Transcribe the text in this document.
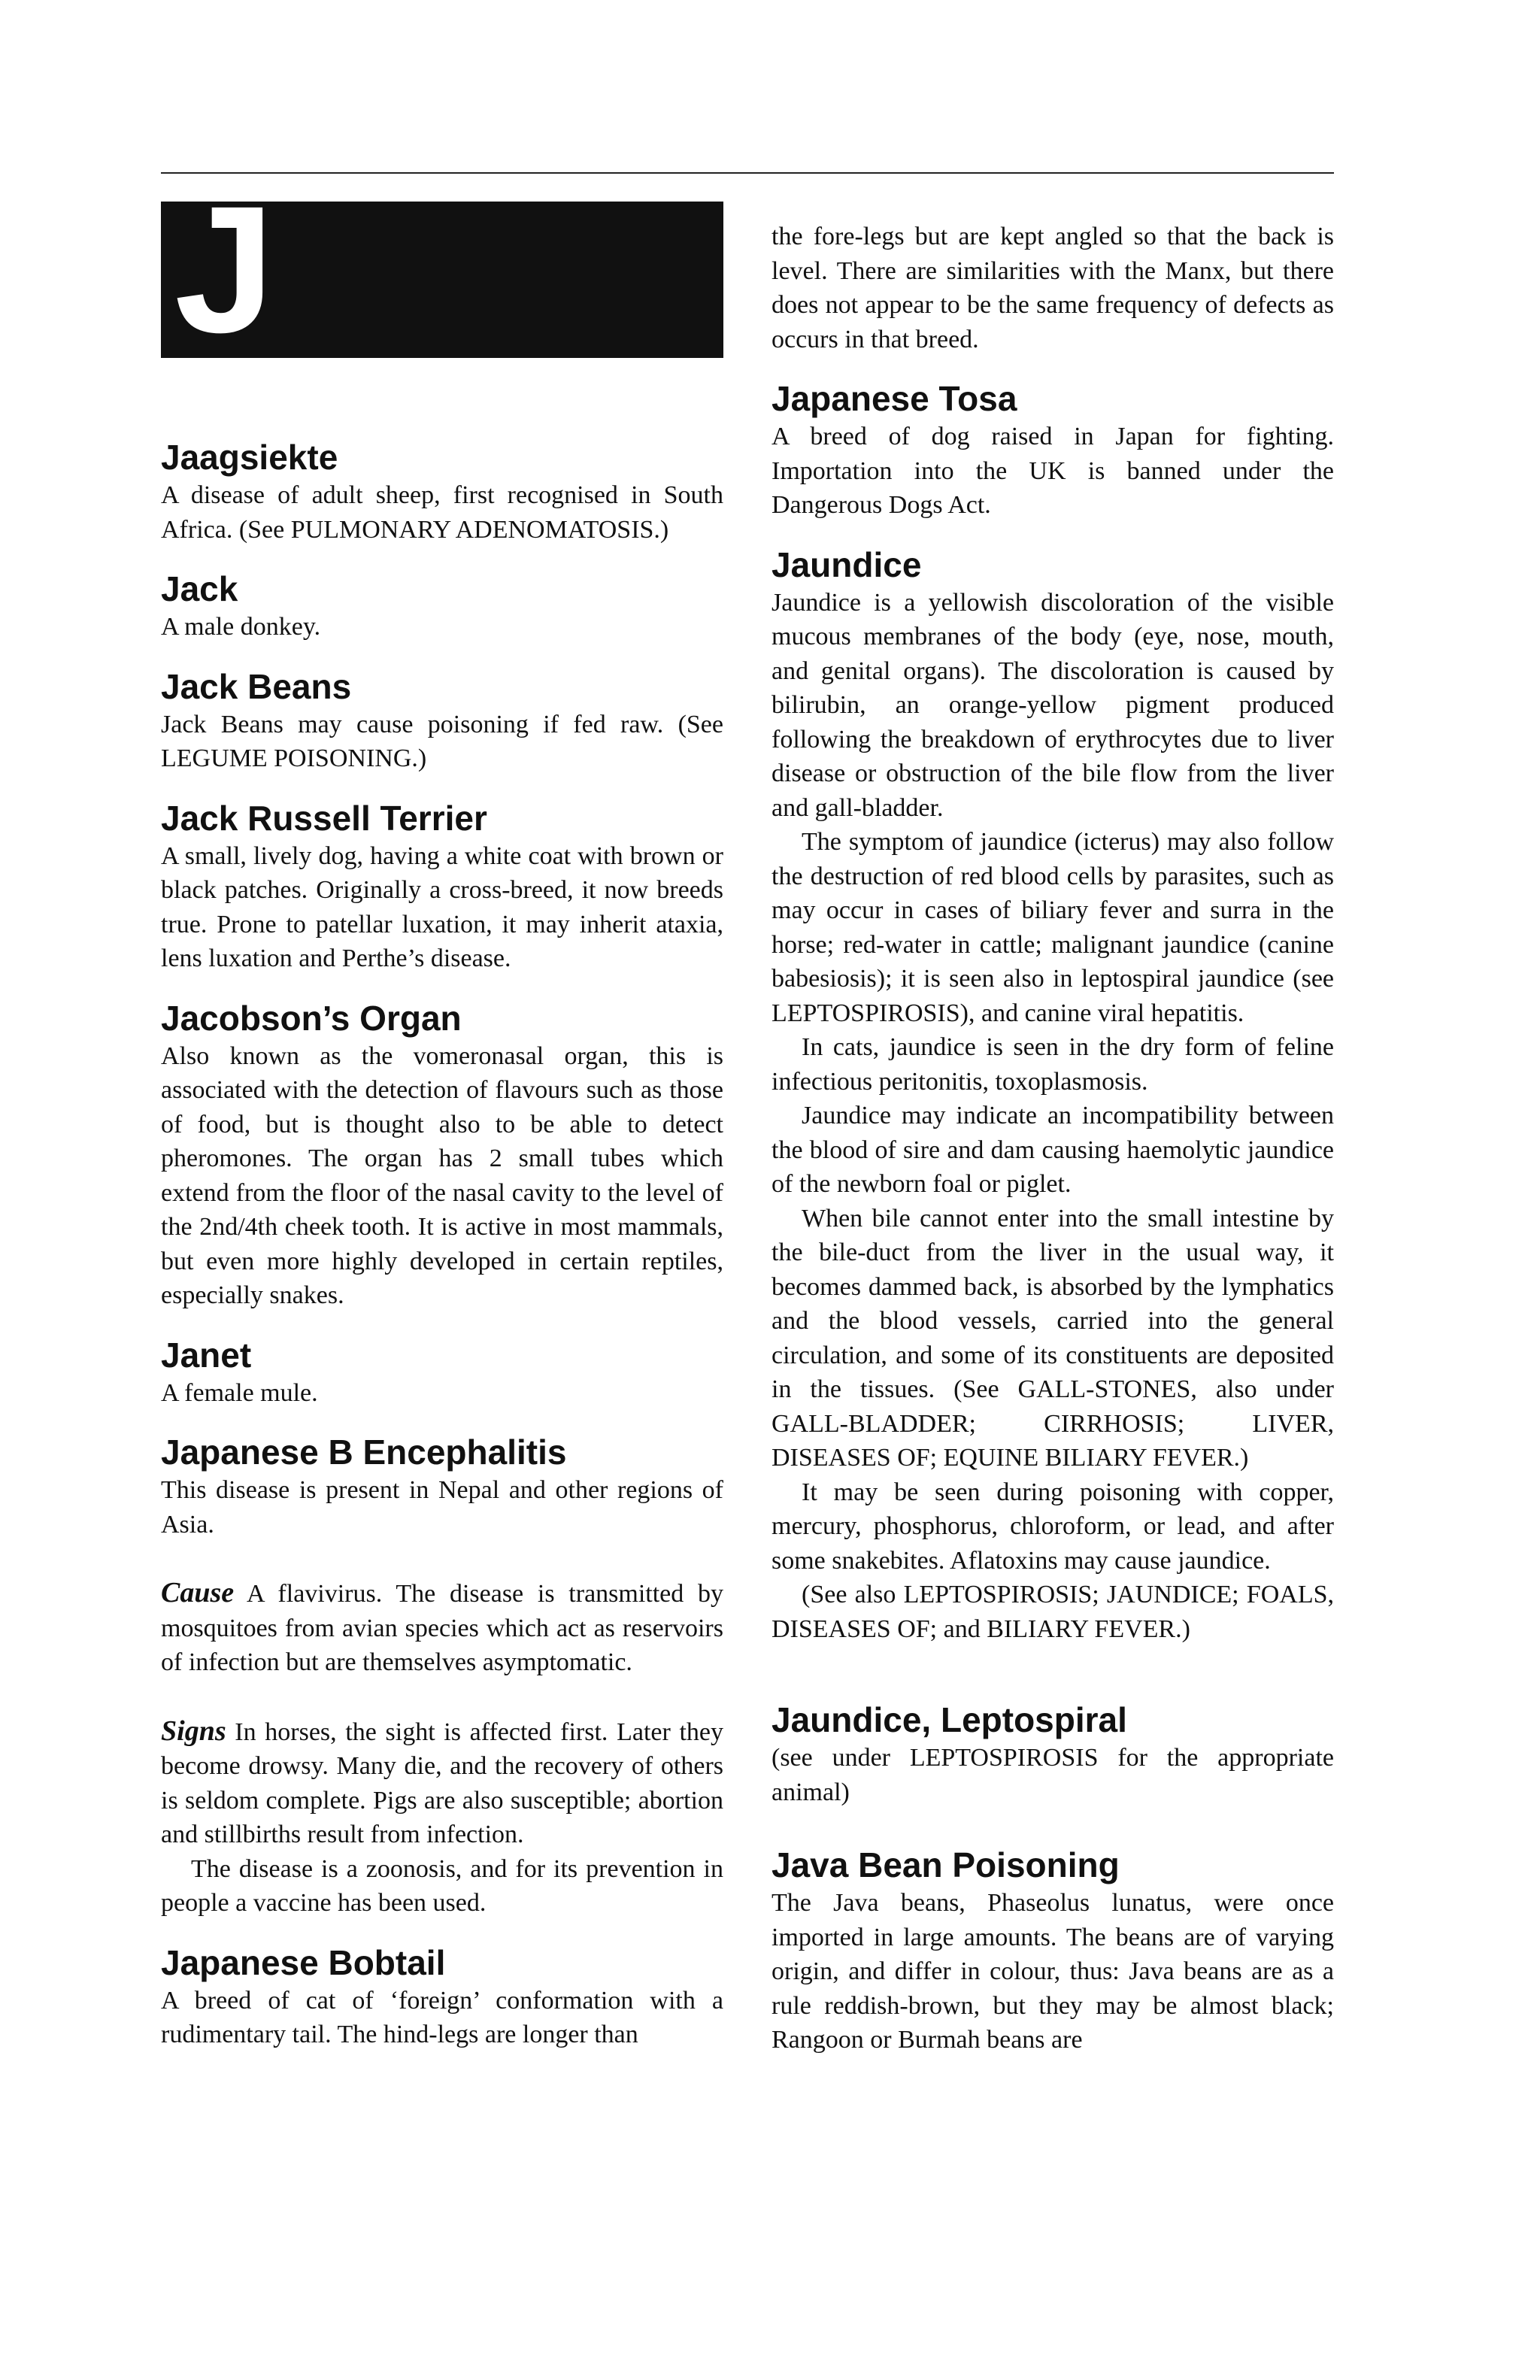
J
Jaagsiekte

A disease of adult sheep, first recognised in South Africa. (See PULMONARY ADENOMATOSIS.)

Jack

A male donkey.

Jack Beans

Jack Beans may cause poisoning if fed raw. (See LEGUME POISONING.)

Jack Russell Terrier

A small, lively dog, having a white coat with brown or black patches. Originally a cross-breed, it now breeds true. Prone to patellar luxation, it may inherit ataxia, lens luxation and Perthe’s disease.

Jacobson’s Organ

Also known as the vomeronasal organ, this is associated with the detection of flavours such as those of food, but is thought also to be able to detect pheromones. The organ has 2 small tubes which extend from the floor of the nasal cavity to the level of the 2nd/4th cheek tooth. It is active in most mammals, but even more highly developed in certain reptiles, especially snakes.

Janet

A female mule.

Japanese B Encephalitis

This disease is present in Nepal and other regions of Asia.

Cause A flavivirus. The disease is transmitted by mosquitoes from avian species which act as reservoirs of infection but are themselves asymptomatic.

Signs In horses, the sight is affected first. Later they become drowsy. Many die, and the recovery of others is seldom complete. Pigs are also susceptible; abortion and stillbirths result from infection.

The disease is a zoonosis, and for its prevention in people a vaccine has been used.

Japanese Bobtail

A breed of cat of ‘foreign’ conformation with a rudimentary tail. The hind-legs are longer than

the fore-legs but are kept angled so that the back is level. There are similarities with the Manx, but there does not appear to be the same frequency of defects as occurs in that breed.

Japanese Tosa

A breed of dog raised in Japan for fighting. Importation into the UK is banned under the Dangerous Dogs Act.

Jaundice

Jaundice is a yellowish discoloration of the visible mucous membranes of the body (eye, nose, mouth, and genital organs). The discoloration is caused by bilirubin, an orange-yellow pigment produced following the breakdown of erythrocytes due to liver disease or obstruction of the bile flow from the liver and gall-bladder.

The symptom of jaundice (icterus) may also follow the destruction of red blood cells by parasites, such as may occur in cases of biliary fever and surra in the horse; red-water in cattle; malignant jaundice (canine babesiosis); it is seen also in leptospiral jaundice (see LEPTOSPIROSIS), and canine viral hepatitis.

In cats, jaundice is seen in the dry form of feline infectious peritonitis, toxoplasmosis.

Jaundice may indicate an incompatibility between the blood of sire and dam causing haemolytic jaundice of the newborn foal or piglet.

When bile cannot enter into the small intestine by the bile-duct from the liver in the usual way, it becomes dammed back, is absorbed by the lymphatics and the blood vessels, carried into the general circulation, and some of its constituents are deposited in the tissues. (See GALL-STONES, also under GALL-BLADDER; CIRRHOSIS; LIVER, DISEASES OF; EQUINE BILIARY FEVER.)

It may be seen during poisoning with copper, mercury, phosphorus, chloroform, or lead, and after some snakebites. Aflatoxins may cause jaundice.

(See also LEPTOSPIROSIS; JAUNDICE; FOALS, DISEASES OF; and BILIARY FEVER.)

Jaundice, Leptospiral

(see under LEPTOSPIROSIS for the appropriate animal)

Java Bean Poisoning

The Java beans, Phaseolus lunatus, were once imported in large amounts. The beans are of varying origin, and differ in colour, thus: Java beans are as a rule reddish-brown, but they may be almost black; Rangoon or Burmah beans are
